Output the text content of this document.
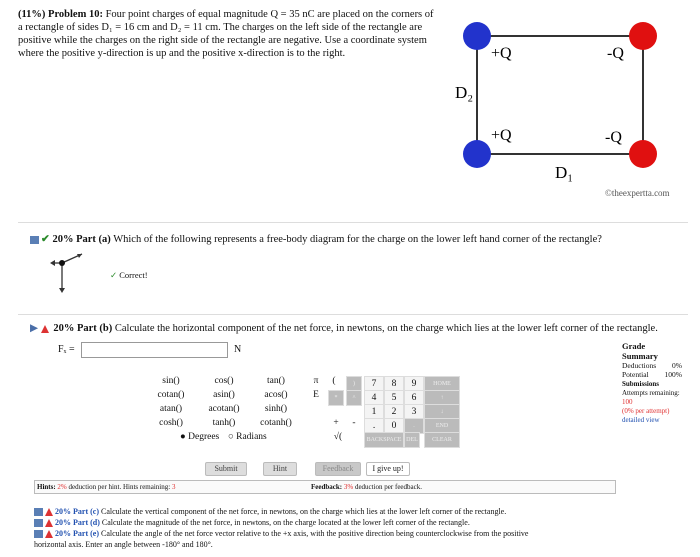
(11%) Problem 10: Four point charges of equal magnitude Q = 35 nC are placed on the corners of
a rectangle of sides D₁ = 16 cm and D₂ = 11 cm. The charges on the left side of the rectangle are
positive while the charges on the right side of the rectangle are negative. Use a coordinate system
where the positive y-direction is up and the positive x-direction is to the right.	+Q	-Q
+Q	-Q
D₂
D₁
©theexpertta.com
✔ 20% Part (a) Which of the following represents a free-body diagram for the charge on the lower left hand corner of the rectangle?
✓ Correct!
▶ 20% Part (b) Calculate the horizontal component of the net force, in newtons, on the charge which lies at the lower left corner of the rectangle.
Fₓ =	N	Grade Summary
Deductions 0%
Potential 100%
Submissions
Attempts remaining: 100
(0% per attempt)
detailed view
sin()	cos()	tan()
cotan()	asin()	acos()
atan()	acotan()	sinh()
cosh()	tanh()	cotanh()
● Degrees ○ Radians
π
E
(	)
^
*
+	-
√(
7	8	9	HOME
4	5	6	↑
1	2	3	↓
.	0	.	END
BACKSPACE DEL	CLEAR
Submit	Hint	Feedback	I give up!
Hints: 2% deduction per hint. Hints remaining: 3	Feedback: 3% deduction per feedback.
20% Part (c) Calculate the vertical component of the net force, in newtons, on the charge which lies at the lower left corner of the rectangle.
20% Part (d) Calculate the magnitude of the net force, in newtons, on the charge located at the lower left corner of the rectangle.
20% Part (e) Calculate the angle of the net force vector relative to the +x axis, with the positive direction being counterclockwise from the positive
horizontal axis. Enter an angle between -180° and 180°.
